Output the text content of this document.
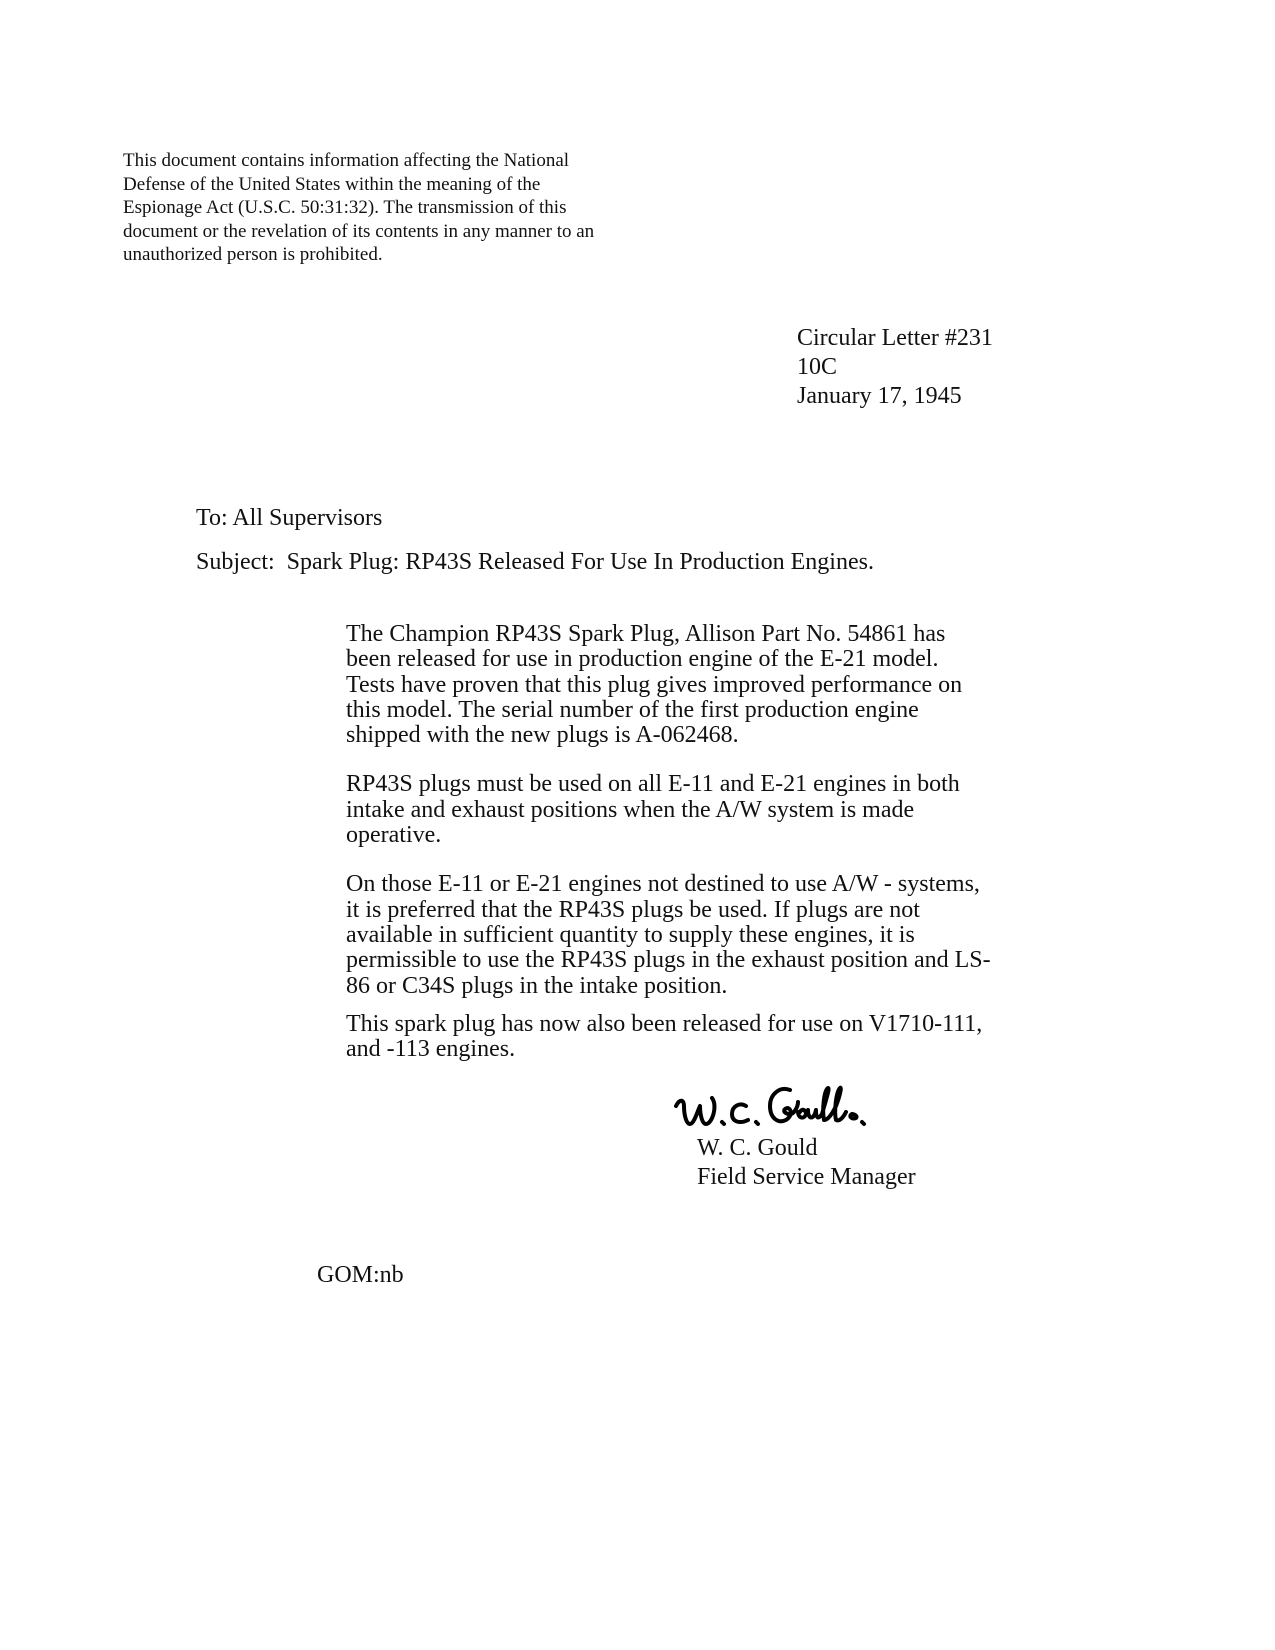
This document contains information affecting the National
Defense of the United States within the meaning of the
Espionage Act (U.S.C. 50:31:32). The transmission of this
document or the revelation of its contents in any manner to an
unauthorized person is prohibited.
Circular Letter #231
10C
January 17, 1945
To: All Supervisors
Subject: Spark Plug: RP43S Released For Use In Production Engines.

The Champion RP43S Spark Plug, Allison Part No. 54861 has
been released for use in production engine of the E-21 model.
Tests have proven that this plug gives improved performance on
this model. The serial number of the first production engine
shipped with the new plugs is A-062468.

RP43S plugs must be used on all E-11 and E-21 engines in both
intake and exhaust positions when the A/W system is made
operative.

On those E-11 or E-21 engines not destined to use A/W - systems,
it is preferred that the RP43S plugs be used. If plugs are not
available in sufficient quantity to supply these engines, it is
permissible to use the RP43S plugs in the exhaust position and LS-
86 or C34S plugs in the intake position.

This spark plug has now also been released for use on V1710-111,
and -113 engines.

W. C. Gould
Field Service Manager
GOM:nb
